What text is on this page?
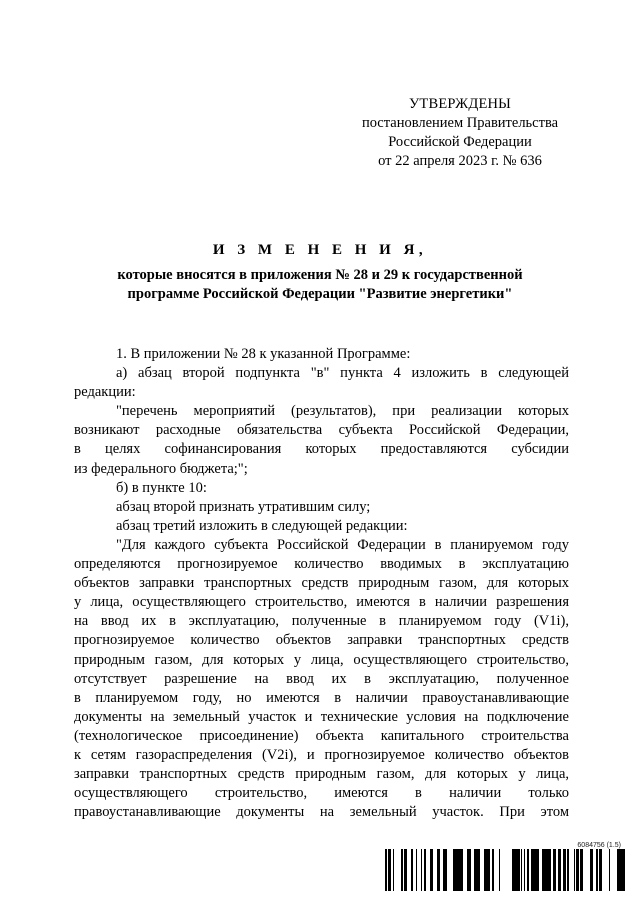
УТВЕРЖДЕНЫ
постановлением Правительства
Российской Федерации
от 22 апреля 2023 г. № 636
И З М Е Н Е Н И Я,
которые вносятся в приложения № 28 и 29 к государственной
программе Российской Федерации "Развитие энергетики"

1. В приложении № 28 к указанной Программе:

а) абзац второй подпункта "в" пункта 4 изложить в следующей
редакции:
"перечень мероприятий (результатов), при реализации которых
возникают расходные обязательства субъекта Российской Федерации,
в целях софинансирования которых предоставляются субсидии
из федерального бюджета;";

б) в пункте 10:

абзац второй признать утратившим силу;

абзац третий изложить в следующей редакции:

"Для каждого субъекта Российской Федерации в планируемом году
определяются прогнозируемое количество вводимых в эксплуатацию
объектов заправки транспортных средств природным газом, для которых
у лица, осуществляющего строительство, имеются в наличии разрешения
на ввод их в эксплуатацию, полученные в планируемом году (V1i),
прогнозируемое количество объектов заправки транспортных средств
природным газом, для которых у лица, осуществляющего строительство,
отсутствует разрешение на ввод их в эксплуатацию, полученное
в планируемом году, но имеются в наличии правоустанавливающие
документы на земельный участок и технические условия на подключение
(технологическое присоединение) объекта капитального строительства
к сетям газораспределения (V2i), и прогнозируемое количество объектов
заправки транспортных средств природным газом, для которых у лица,
осуществляющего строительство, имеются в наличии только
правоустанавливающие документы на земельный участок. При этом
6084756 (1.5)
